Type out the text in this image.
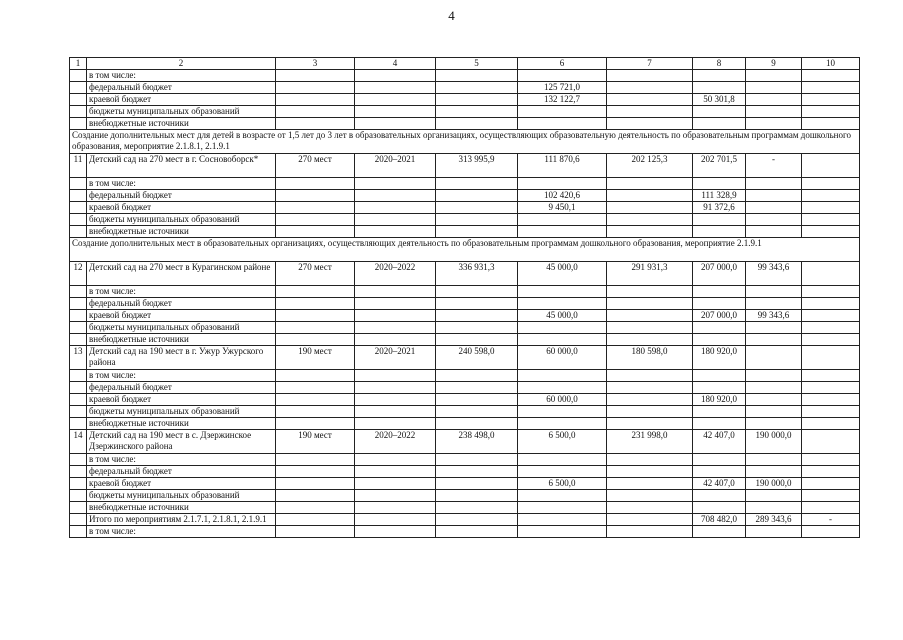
4
1	2	3	4	5	6	7	8	9	10
	в том числе:								
	федеральный бюджет				125 721,0				
	краевой бюджет				132 122,7		50 301,8		
	бюджеты муниципальных образований								
	внебюджетные источники								
Создание дополнительных мест для детей в возрасте от 1,5 лет до 3 лет в образовательных организациях, осуществляющих образовательную деятельность по образовательным программам дошкольного образования, мероприятие 2.1.8.1, 2.1.9.1									
11	Детский сад на 270 мест в г. Сосновоборск*	270 мест	2020–2021	313 995,9	111 870,6	202 125,3	202 701,5	-	
	в том числе:								
	федеральный бюджет				102 420,6		111 328,9		
	краевой бюджет				9 450,1		91 372,6		
	бюджеты муниципальных образований								
	внебюджетные источники								
Создание дополнительных мест в образовательных организациях, осуществляющих деятельность по образовательным программам дошкольного образования, мероприятие 2.1.9.1									
12	Детский сад на 270 мест в Курагинском районе	270 мест	2020–2022	336 931,3	45 000,0	291 931,3	207 000,0	99 343,6	
	в том числе:								
	федеральный бюджет								
	краевой бюджет				45 000,0		207 000,0	99 343,6	
	бюджеты муниципальных образований								
	внебюджетные источники								
13	Детский сад на 190 мест в г. Ужур Ужурского района	190 мест	2020–2021	240 598,0	60 000,0	180 598,0	180 920,0		
	в том числе:								
	федеральный бюджет								
	краевой бюджет				60 000,0		180 920,0		
	бюджеты муниципальных образований								
	внебюджетные источники								
14	Детский сад на 190 мест в с. Дзержинское Дзержинского района	190 мест	2020–2022	238 498,0	6 500,0	231 998,0	42 407,0	190 000,0	
	в том числе:								
	федеральный бюджет								
	краевой бюджет				6 500,0		42 407,0	190 000,0	
	бюджеты муниципальных образований								
	внебюджетные источники								
	Итого по мероприятиям 2.1.7.1, 2.1.8.1, 2.1.9.1						708 482,0	289 343,6	-
	в том числе:								
